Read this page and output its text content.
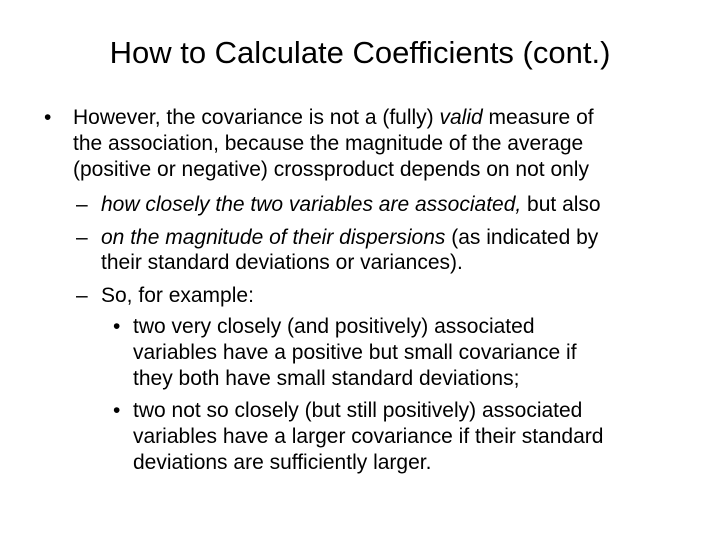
How to Calculate Coefficients (cont.)
• However, the covariance is not a (fully) valid measure of
the association, because the magnitude of the average
(positive or negative) crossproduct depends on not only
– how closely the two variables are associated, but also
– on the magnitude of their dispersions (as indicated by
their standard deviations or variances).
– So, for example:
• two very closely (and positively) associated
variables have a positive but small covariance if
they both have small standard deviations;
• two not so closely (but still positively) associated
variables have a larger covariance if their standard
deviations are sufficiently larger.
